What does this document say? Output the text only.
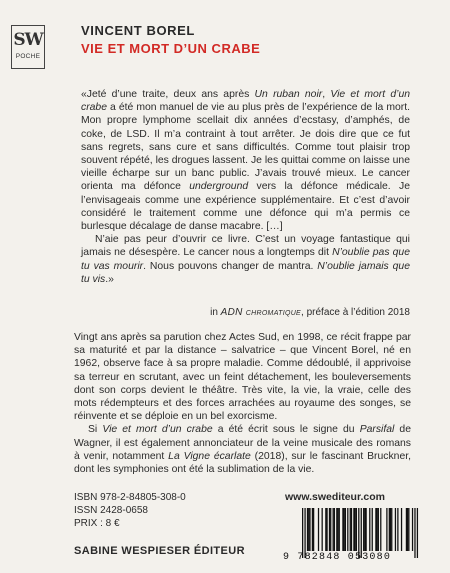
SW
POCHE
VINCENT BOREL
VIE ET MORT D’UN CRABE

«Jeté d’une traite, deux ans après Un ruban noir, Vie et mort d’un crabe a été mon manuel de vie au plus près de l’expérience de la mort. Mon propre lymphome scellait dix années d’ecstasy, d’amphés, de coke, de LSD. Il m’a contraint à tout arrêter. Je dois dire que ce fut sans regrets, sans cure et sans difficultés. Comme tout plaisir trop souvent répété, les drogues lassent. Je les quittai comme on laisse une vieille écharpe sur un banc public. J’avais trouvé mieux. Le cancer orienta ma défonce underground vers la défonce médicale. Je l’envisageais comme une expérience supplémentaire. Et c’est d’avoir considéré le traitement comme une défonce qui m’a permis ce burlesque décalage de danse macabre. […]

N’aie pas peur d’ouvrir ce livre. C’est un voyage fantastique qui jamais ne désespère. Le cancer nous a longtemps dit N’oublie pas que tu vas mourir. Nous pouvons changer de mantra. N’oublie jamais que tu vis.»

in ADN chromatique, préface à l’édition 2018

Vingt ans après sa parution chez Actes Sud, en 1998, ce récit frappe par sa maturité et par la distance – salvatrice – que Vincent Borel, né en 1962, observe face à sa propre maladie. Comme dédoublé, il apprivoise sa terreur en scrutant, avec un feint détachement, les bouleversements dont son corps devient le théâtre. Très vite, la vie, la vraie, celle des mots rédempteurs et des forces arrachées au royaume des songes, se réinvente et se déploie en un bel exorcisme.

Si Vie et mort d’un crabe a été écrit sous le signe du Parsifal de Wagner, il est également annonciateur de la veine musicale des romans à venir, notamment La Vigne écarlate (2018), sur le fascinant Bruckner, dont les symphonies ont été la sublimation de la vie.

ISBN 978-2-84805-308-0
ISSN 2428-0658
PRIX : 8 €
SABINE WESPIESER ÉDITEUR
www.swediteur.com
9 782848 053080
